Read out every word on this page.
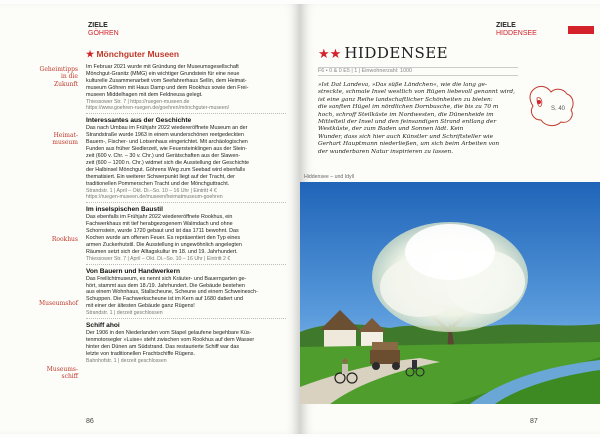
ZIELE
GÖHREN
★ Mönchguter Museen
Geheimtipps
in die
Zukunft
Heimat-
museum
Rookhus
Museumshof
Museums-
schiff
Im Februar 2021 wurde mit Gründung der Museumsgesellschaft
Mönchgut-Granitz (MMG) ein wichtiger Grundstein für eine neue
kulturelle Zusammenarbeit vom Seefahrerhaus Sellin, dem Heimat-
museum Göhren mit Haus Damp und dem Rookhus sowie den Frei-
museen Middelhagen mit dem Feldneusa gelegt.
Thiessower Str. 7 | https://ruegen-museen.de
https://www.goehren-ruegen.de/goehren/mönchguter-museen/
Interessantes aus der Geschichte
Das nach Umbau im Frühjahr 2022 wiedereröffnete Museum an der
Strandstraße wurde 1963 in einem wunderschönen reetgedeckten
Bauern-, Fischer- und Lotsenhaus eingerichtet. Mit archäologischen
Funden aus früher Siedlerzeit, wie Feuersteinklingen aus der Stein-
zeit (600 v. Chr. – 30 v. Chr.) und Gerätschaften aus der Slawen-
zeit (600 – 1200 n. Chr.) widmet sich die Ausstellung der Geschichte
der Halbinsel Mönchgut. Göhrens Weg zum Seebad wird ebenfalls
thematisiert. Ein weiterer Schwerpunkt liegt auf der Tracht, der
traditionellen Pommerschen Tracht und der Mönchguttracht.
Strandstr. 1 | April – Okt. Di.–So. 10 – 16 Uhr | Eintritt 4 €
https://ruegen-museen.de/museen/heimatmuseum-goehren
Im inselspischen Baustil
Das ebenfalls im Frühjahr 2022 wiedereröffnete Rookhus, ein
Fachwerkhaus mit tief herabgezogenem Walmdach und ohne
Schornstein, wurde 1720 gebaut und ist das 1711 bewohnt. Das
Kochen wurde am offenen Feuer. Es repräsentiert den Typ eines
armen Zuckerhutstil. Die Ausstellung in ungewöhnlich angelegten
Räumen setzt sich der Alltagskultur im 18. und 19. Jahrhundert.
Thiessower Str. 7 | April – Okt. Di.–So. 10 – 16 Uhr | Eintritt 2 €
Von Bauern und Handwerkern
Das Freilichtmuseum, es nennt sich Kräuter- und Bauerngarten ge-
hört, stammt aus dem 18./19. Jahrhundert. Die Gebäude bestehen
aus einem Wohnhaus, Stallscheune, Scheune und einem Schweinesch-
Schuppen. Die Fachwerkscheune ist im Kern auf 1680 datiert und
mit einer der ältesten Gebäude ganz Rügens!
Strandstr. 1 | derzeit geschlossen
Schiff ahoi
Der 1906 in den Niederlanden vom Stapel gelaufene begehbare Küs-
tenmotorsegler »Luise« steht zwischen vom Rookhus auf dem Wasser
hinter den Dünen am Südstrand. Das restaurierte Schiff war das
letzte von traditionellen Frachtschiffe Rügens.
Bahnhofstr. 1 | derzeit geschlossen
86
ZIELE
HIDDENSEE
★★ HIDDENSEE
F6 • 0 & 0 E5 | 1 | Einwohnerzahl: 1000
»Ist Dat Landeva, »Das süße Ländchen«, wie die lang ge-
streckte, schmale Insel westlich von Rügen liebevoll genannt wird,
ist eine ganz Reihe landschaftlicher Schönheiten zu bieten:
die sanften Hügel im nördlichen Dornbusche, die bis zu 70 m
hoch, schroff Steilküste im Nordwesten, die Dünenheide im
Mittelteil der Insel und den feinsandigen Strand entlang der
Westküste, der zum Baden und Sonnen lädt. Kein
Wunder, dass sich hier auch Künstler und Schriftsteller wie
Gerhart Hauptmann niederließen, um sich beim Arbeiten von
der wunderbaren Natur inspirieren zu lassen.
S. 40
Hiddensee – und Idyll
87
